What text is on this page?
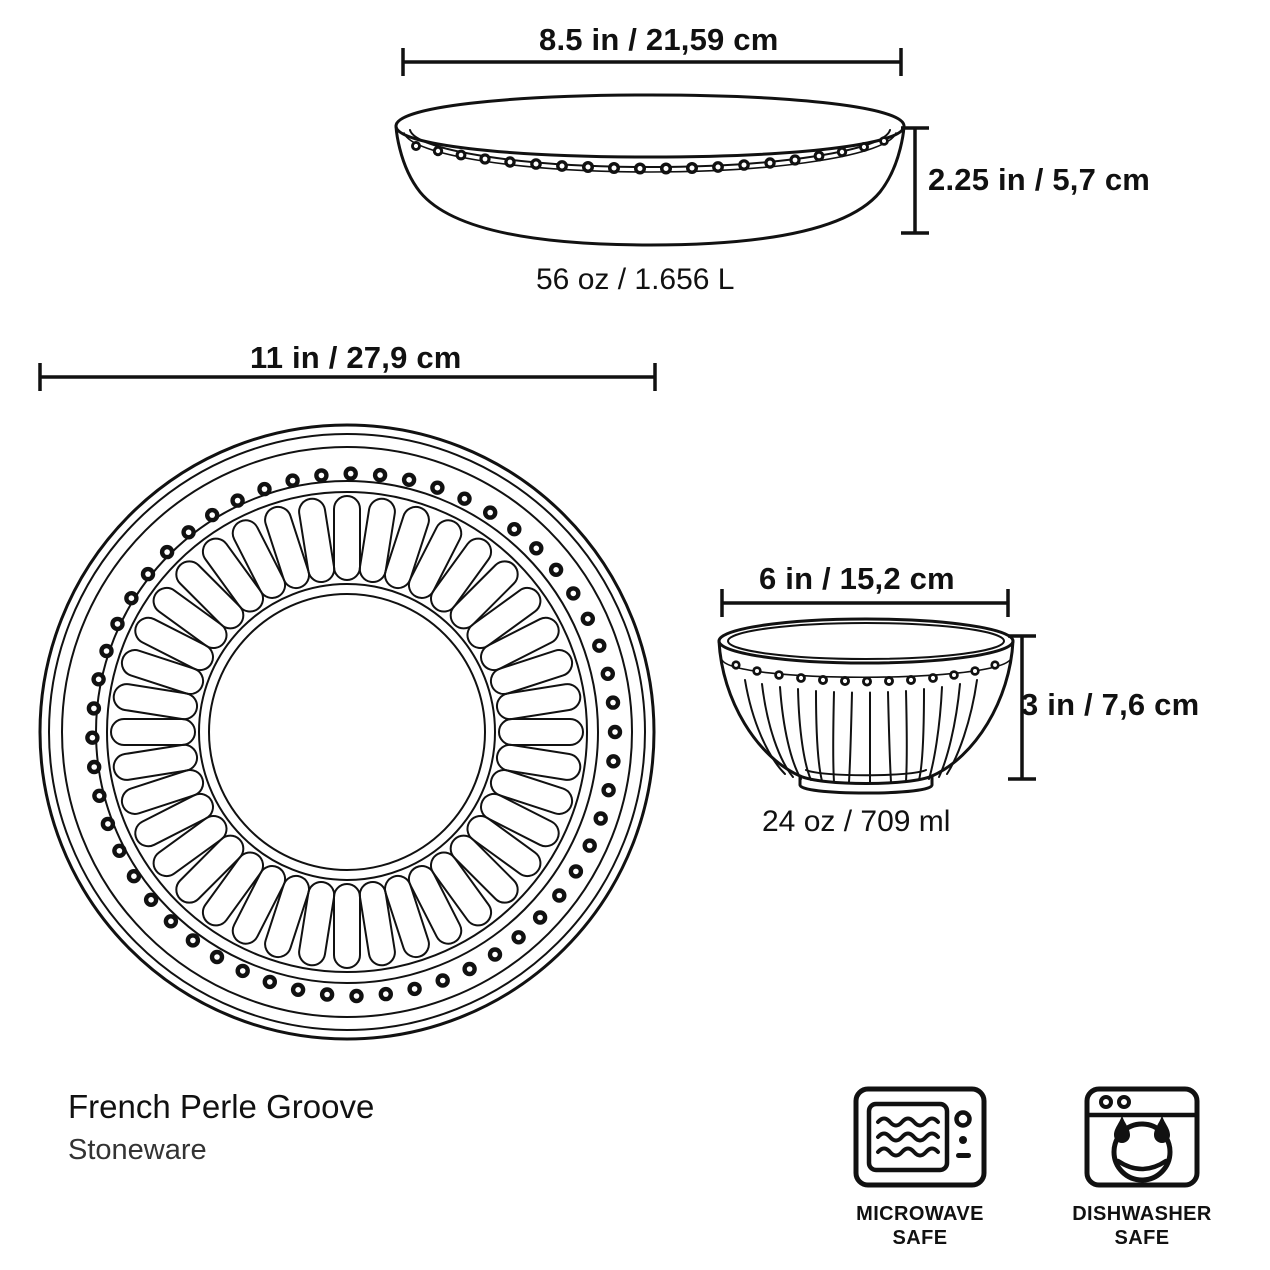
8.5 in / 21,59 cm
2.25 in / 5,7 cm
56 oz / 1.656 L
11 in / 27,9 cm
6 in / 15,2 cm
3 in / 7,6 cm
24 oz / 709 ml
French Perle Groove
Stoneware
MICROWAVE
SAFE
DISHWASHER
SAFE
